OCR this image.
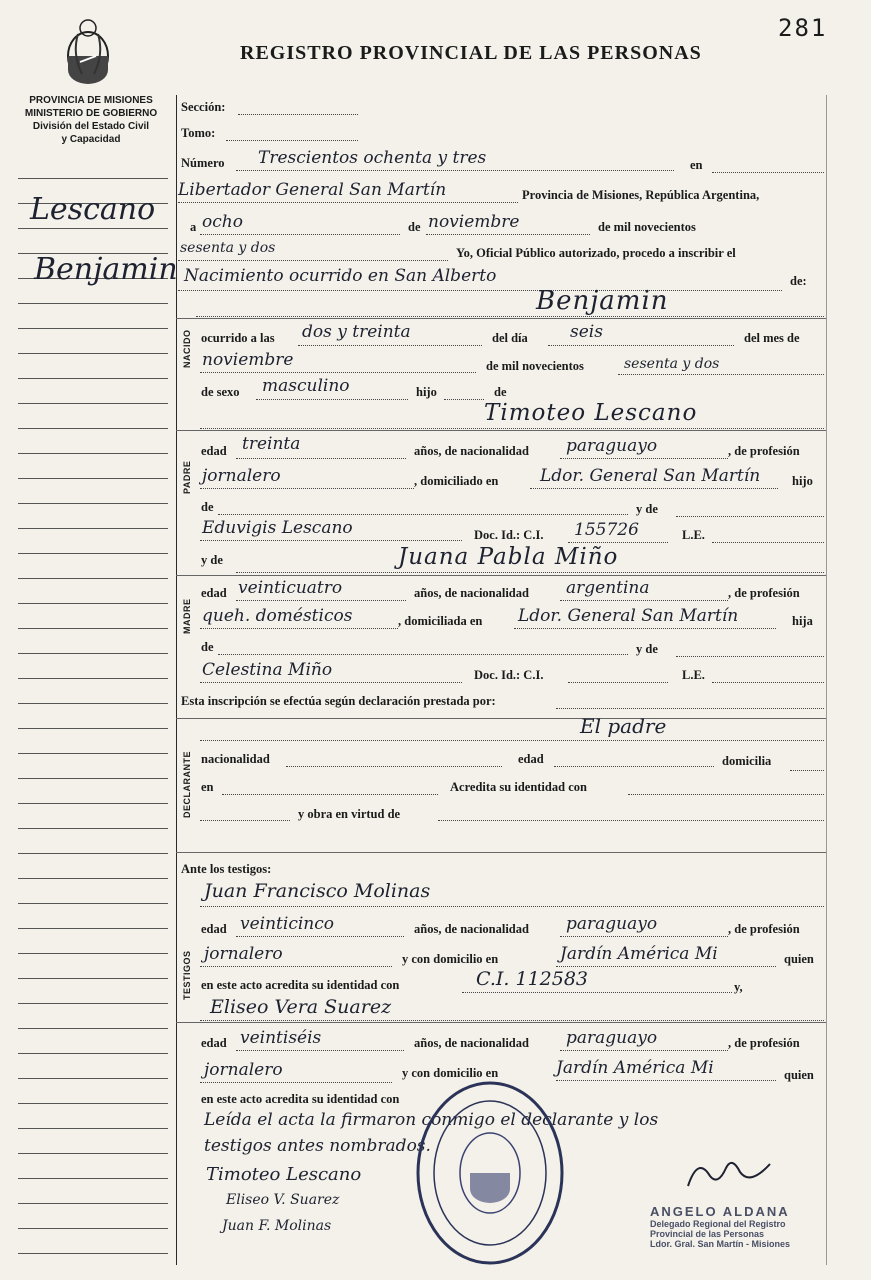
281
REGISTRO PROVINCIAL DE LAS PERSONAS
PROVINCIA DE MISIONES
MINISTERIO DE GOBIERNO
División del Estado Civil
y Capacidad
Lescano
Benjamin
NACIDO
PADRE
MADRE
DECLARANTE
TESTIGOS
Sección:
Tomo:
Número Trescientos ochenta y tres	en
Libertador General San Martín	Provincia de Misiones, República Argentina,
a ocho	de noviembre	de mil novecientos
sesenta y dos	Yo, Oficial Público autorizado, procedo a inscribir el
Nacimiento ocurrido en San Alberto	de:
Benjamin
ocurrido a las dos y treinta	del día seis	del mes de
noviembre	de mil novecientos	sesenta y dos
de sexo masculino	hijo	de
Timoteo Lescano
edad treinta	años, de nacionalidad paraguayo	, de profesión
jornalero	, domiciliado en Ldor. General San Martín	hijo
de	y de
Eduvigis Lescano	Doc. Id.: C.I. 155726	L.E.
y de	Juana Pabla Miño
edad veinticuatro	años, de nacionalidad argentina	, de profesión
queh. domésticos	, domiciliada en Ldor. General San Martín	hija
de	y de
Celestina Miño	Doc. Id.: C.I.	L.E.
Esta inscripción se efectúa según declaración prestada por:
El padre
nacionalidad	edad	domicilia
en	Acredita su identidad con
y obra en virtud de
Ante los testigos:
Juan Francisco Molinas
edad veinticinco	años, de nacionalidad paraguayo	, de profesión
jornalero	y con domicilio en	Jardín América Mi	quien
en este acto acredita su identidad con	C.I. 112583	y,
Eliseo Vera Suarez
edad veintiséis	años, de nacionalidad paraguayo	, de profesión
jornalero	y con domicilio en	Jardín América Mi	quien
en este acto acredita su identidad con
Leída el acta la firmaron conmigo el declarante y los
testigos antes nombrados.
Timoteo Lescano
Eliseo V. Suarez
Juan F. Molinas
ANGELO ALDANA
Delegado Regional del Registro
Provincial de las Personas
Ldor. Gral. San Martín - Misiones
